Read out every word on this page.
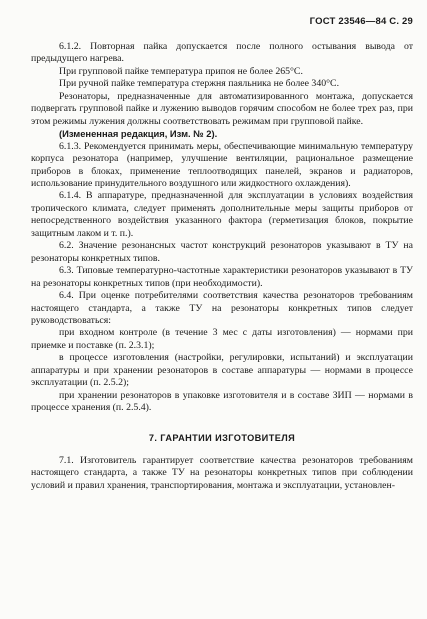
ГОСТ 23546—84 С. 29

6.1.2. Повторная пайка допускается после полного остывания вывода от предыдущего нагрева.

При групповой пайке температура припоя не более 265°С.

При ручной пайке температура стержня паяльника не более 340°С.

Резонаторы, предназначенные для автоматизированного монтажа, допускается подвергать групповой пайке и лужению выводов горячим способом не более трех раз, при этом режимы лужения должны соответствовать режимам при групповой пайке.

(Измененная редакция, Изм. № 2).

6.1.3. Рекомендуется принимать меры, обеспечивающие минимальную температуру корпуса резонатора (например, улучшение вентиляции, рациональное размещение приборов в блоках, применение теплоотводящих панелей, экранов и радиаторов, использование принудительного воздушного или жидкостного охлаждения).

6.1.4. В аппаратуре, предназначенной для эксплуатации в условиях воздействия тропического климата, следует применять дополнительные меры защиты приборов от непосредственного воздействия указанного фактора (герметизация блоков, покрытие защитным лаком и т. п.).

6.2. Значение резонансных частот конструкций резонаторов указывают в ТУ на резонаторы конкретных типов.

6.3. Типовые температурно-частотные характеристики резонаторов указывают в ТУ на резонаторы конкретных типов (при необходимости).

6.4. При оценке потребителями соответствия качества резонаторов требованиям настоящего стандарта, а также ТУ на резонаторы конкретных типов следует руководствоваться:

при входном контроле (в течение 3 мес с даты изготовления) — нормами при приемке и поставке (п. 2.3.1);

в процессе изготовления (настройки, регулировки, испытаний) и эксплуатации аппаратуры и при хранении резонаторов в составе аппаратуры — нормами в процессе эксплуатации (п. 2.5.2);

при хранении резонаторов в упаковке изготовителя и в составе ЗИП — нормами в процессе хранения (п. 2.5.4).

7. ГАРАНТИИ ИЗГОТОВИТЕЛЯ

7.1. Изготовитель гарантирует соответствие качества резонаторов требованиям настоящего стандарта, а также ТУ на резонаторы конкретных типов при соблюдении условий и правил хранения, транспортирования, монтажа и эксплуатации, установлен-
